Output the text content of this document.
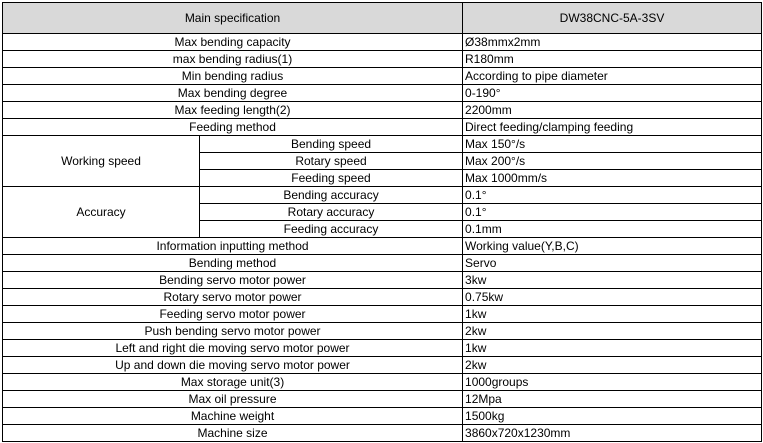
Main specification		DW38CNC-5A-3SV
Max bending capacity		Ø38mmx2mm
max bending radius(1)		R180mm
Min bending radius		According to pipe diameter
Max bending degree		0-190°
Max feeding length(2)		2200mm
Feeding method		Direct feeding/clamping feeding
Working speed	Bending speed	Max 150°/s
	Rotary speed	Max 200°/s
	Feeding speed	Max 1000mm/s
Accuracy	Bending accuracy	0.1°
	Rotary accuracy	0.1°
	Feeding accuracy	0.1mm
Information inputting method		Working value(Y,B,C)
Bending method		Servo
Bending servo motor power		3kw
Rotary servo motor power		0.75kw
Feeding servo motor power		1kw
Push bending servo motor power		2kw
Left and right die moving servo motor power		1kw
Up and down die moving servo motor power		2kw
Max storage unit(3)		1000groups
Max oil pressure		12Mpa
Machine weight		1500kg
Machine size		3860x720x1230mm
